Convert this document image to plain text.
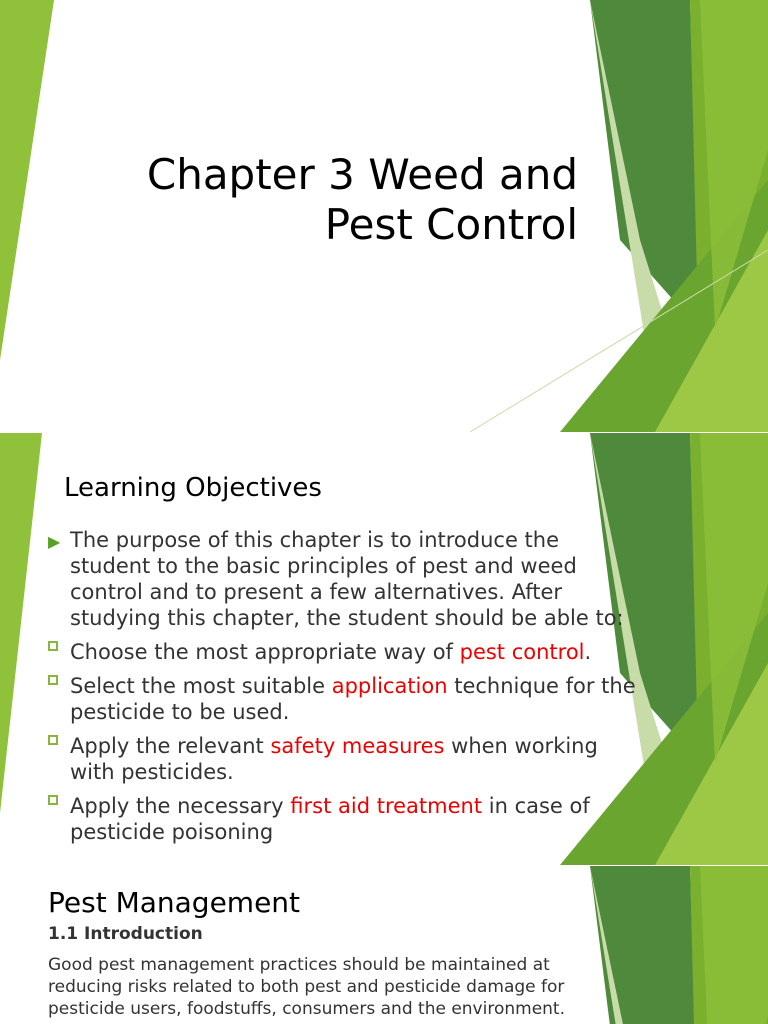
Chapter 3 Weed and
Pest Control
Learning Objectives
▶ The purpose of this chapter is to introduce the student to the basic principles of pest and weed control and to present a few alternatives. After studying this chapter, the student should be able to:
Choose the most appropriate way of pest control.
Select the most suitable application technique for the pesticide to be used.
Apply the relevant safety measures when working with pesticides.
Apply the necessary first aid treatment in case of pesticide poisoning
Pest Management
1.1 Introduction
Good pest management practices should be maintained at reducing risks related to both pest and pesticide damage for pesticide users, foodstuffs, consumers and the environment.
